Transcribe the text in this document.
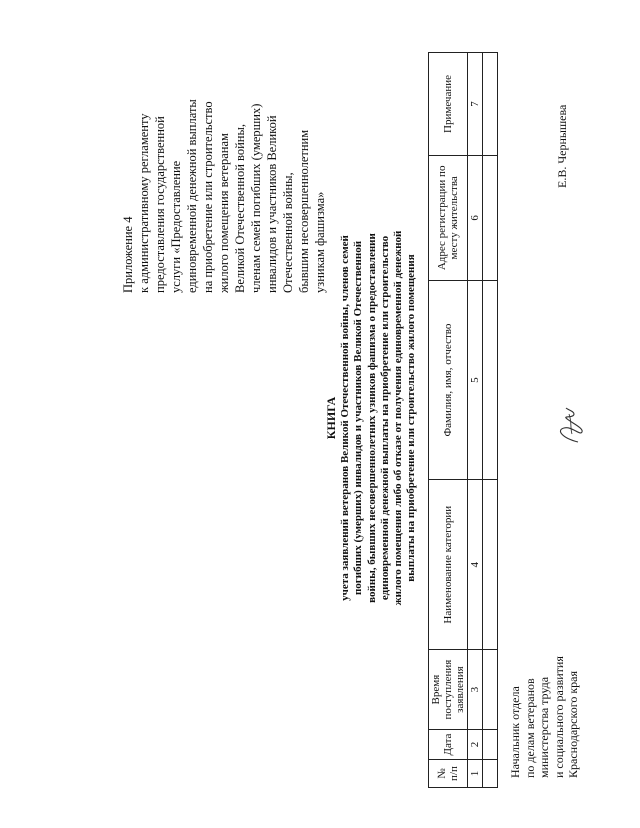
Приложение 4 к административному регламенту предоставления государственной услуги «Предоставление единовременной денежной выплаты на приобретение или строительство жилого помещения ветеранам Великой Отечественной войны, членам семей погибших (умерших) инвалидов и участников Великой Отечественной войны, бывшим несовершеннолетним узникам фашизма»
КНИГА учета заявлений ветеранов Великой Отечественной войны, членов семей погибших (умерших) инвалидов и участников Великой Отечественной войны, бывших несовершеннолетних узников фашизма о предоставлении единовременной денежной выплаты на приобретение или строительство жилого помещения либо об отказе от получения единовременной денежной выплаты на приобретение или строительство жилого помещения
№ п/п	Дата	Время поступления заявления	Наименование категории	Фамилия, имя, отчество	Адрес регистрации по месту жительства	Примечание
1	2	3	4	5	6	7

Начальник отдела по делам ветеранов министерства труда и социального развития Краснодарского края
Е.В. Чернышева
